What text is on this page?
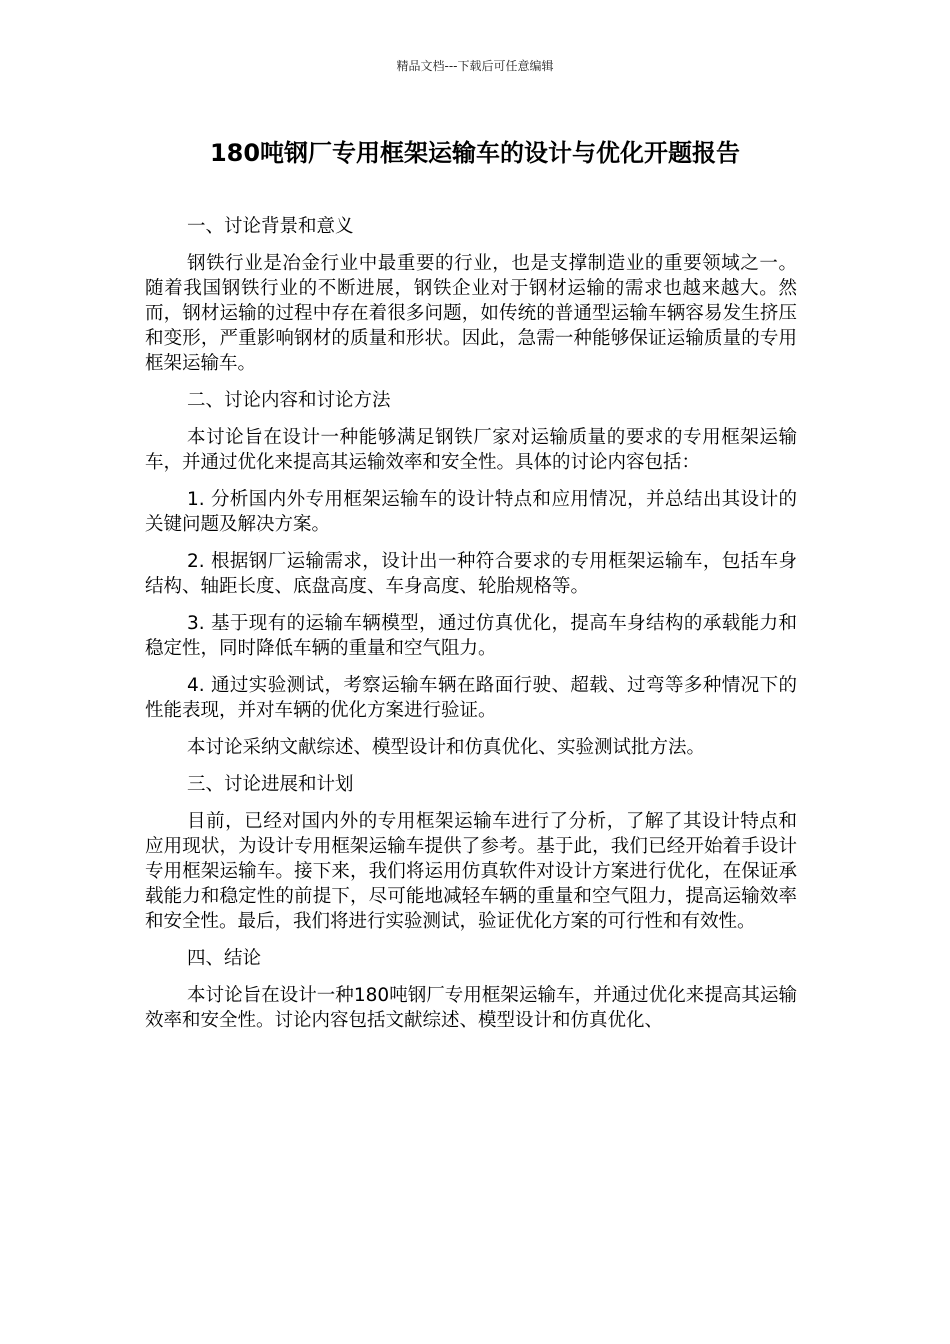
精品文档---下载后可任意编辑
180吨钢厂专用框架运输车的设计与优化开题报告

一、讨论背景和意义

钢铁行业是冶金行业中最重要的行业，也是支撑制造业的重要领域之一。随着我国钢铁行业的不断进展，钢铁企业对于钢材运输的需求也越来越大。然而，钢材运输的过程中存在着很多问题，如传统的普通型运输车辆容易发生挤压和变形，严重影响钢材的质量和形状。因此，急需一种能够保证运输质量的专用框架运输车。

二、讨论内容和讨论方法

本讨论旨在设计一种能够满足钢铁厂家对运输质量的要求的专用框架运输车，并通过优化来提高其运输效率和安全性。具体的讨论内容包括：

1. 分析国内外专用框架运输车的设计特点和应用情况，并总结出其设计的关键问题及解决方案。

2. 根据钢厂运输需求，设计出一种符合要求的专用框架运输车，包括车身结构、轴距长度、底盘高度、车身高度、轮胎规格等。

3. 基于现有的运输车辆模型，通过仿真优化，提高车身结构的承载能力和稳定性，同时降低车辆的重量和空气阻力。

4. 通过实验测试，考察运输车辆在路面行驶、超载、过弯等多种情况下的性能表现，并对车辆的优化方案进行验证。

本讨论采纳文献综述、模型设计和仿真优化、实验测试批方法。

三、讨论进展和计划

目前，已经对国内外的专用框架运输车进行了分析，了解了其设计特点和应用现状，为设计专用框架运输车提供了参考。基于此，我们已经开始着手设计专用框架运输车。接下来，我们将运用仿真软件对设计方案进行优化，在保证承载能力和稳定性的前提下，尽可能地减轻车辆的重量和空气阻力，提高运输效率和安全性。最后，我们将进行实验测试，验证优化方案的可行性和有效性。

四、结论

本讨论旨在设计一种180吨钢厂专用框架运输车，并通过优化来提高其运输效率和安全性。讨论内容包括文献综述、模型设计和仿真优化、
